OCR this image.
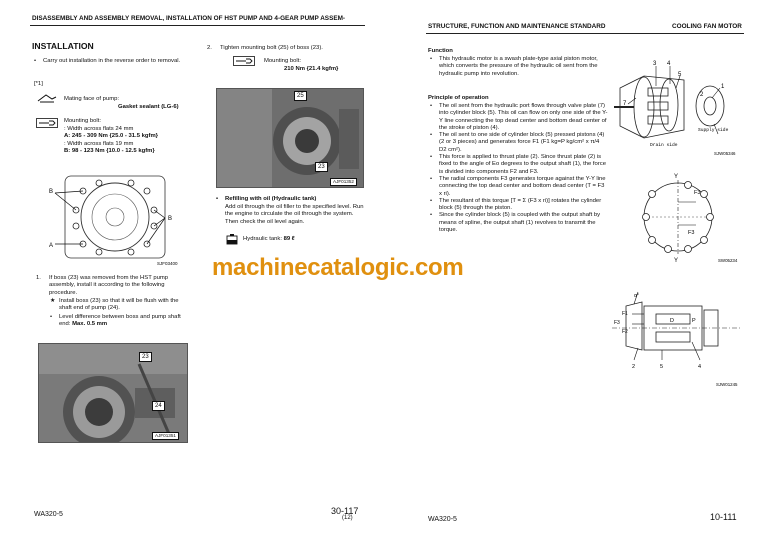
DISASSEMBLY AND ASSEMBLY REMOVAL, INSTALLATION OF HST PUMP AND 4-GEAR PUMP ASSEM-
INSTALLATION
• Carry out installation in the reverse order to removal.
[*1]
Mating face of pump:
Gasket sealant (LG-6)
Mounting bolt:
: Width across flats 24 mm
A: 245 - 309 Nm {25.0 - 31.5 kgfm}
: Width across flats 19 mm
B: 98 - 123 Nm {10.0 - 12.5 kgfm}
B
A
B
SJF03400
1. If boss (23) was removed from the HST pump assembly, install it according to the following procedure.
★ Install boss (23) so that it will be flush with the shaft end of pump (24).
• Level difference between boss and pump shaft end: Max. 0.5 mm
23
24
AJF01351
2. Tighten mounting bolt (25) of boss (23).
Mounting bolt:
210 Nm {21.4 kgfm}
25
23
AJF01352
• Refilling with oil (Hydraulic tank)
Add oil through the oil filler to the specified level. Run the engine to circulate the oil through the system. Then check the oil level again.
Hydraulic tank: 89 ℓ
WA320-5	30-117
(12)
STRUCTURE, FUNCTION AND MAINTENANCE STANDARD	COOLING FAN MOTOR
Function
• This hydraulic motor is a swash plate-type axial piston motor, which converts the pressure of the hydraulic oil sent from the hydraulic pump into revolution.
Principle of operation
• The oil sent from the hydraulic port flows through valve plate (7) into cylinder block (5). This oil can flow on only one side of the Y-Y line connecting the top dead center and bottom dead center of the stroke of piston (4).
• The oil sent to one side of cylinder block (5) pressed pistons (4) (2 or 3 pieces) and generates force F1 (F1 kg=P kg/cm² x π/4 D2 cm²).
• This force is applied to thrust plate (2). Since thrust plate (2) is fixed to the angle of Eo degrees to the output shaft (1), the force is divided into components F2 and F3.
• The radial components F3 generates torque against the Y-Y line connecting the top dead center and bottom dead center (T = F3 x ri).
• The resultant of this torque [T = Σ (F3 x ri)] rotates the cylinder block (5) through the piston.
• Since the cylinder block (5) is coupled with the output shaft by means of spline, the output shaft (1) revolves to transmit the torque.
3 4
5
7
2
1
Supply side
Drain side
SJW05346
Y
F3
F3
Y	SW05234
α°
F1
F3
F2
D	P
2	5	4
SJW01245
WA320-5	10-111
machinecatalogic.com
